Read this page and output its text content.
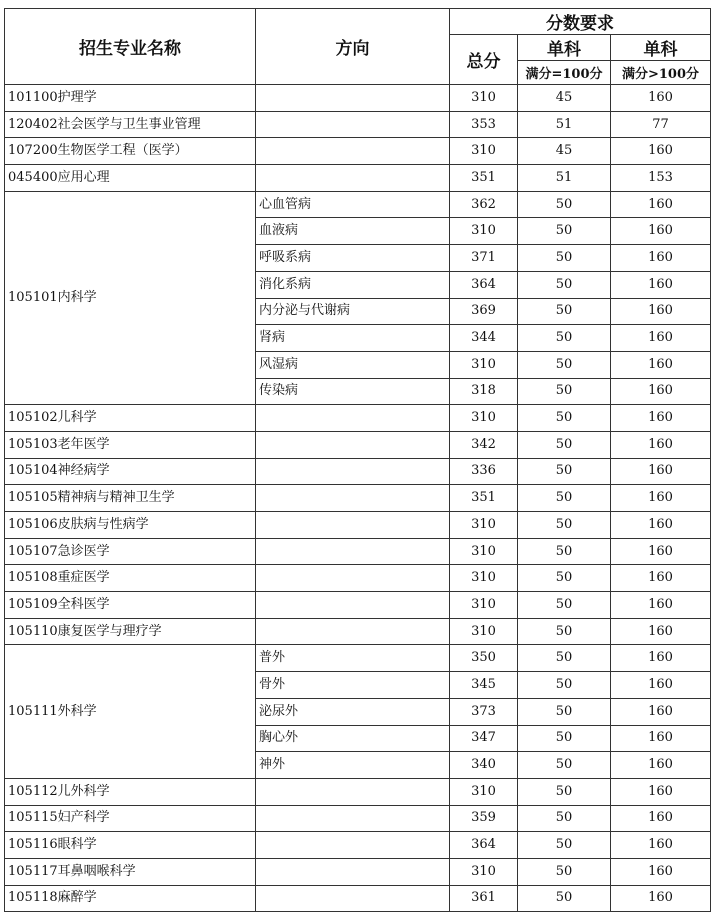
招生专业名称	方向	分数要求		
		总分	单科	单科
			满分=100分	满分>100分
101100护理学		310	45	160
120402社会医学与卫生事业管理		353	51	77
107200生物医学工程（医学）		310	45	160
045400应用心理		351	51	153
105101内科学	心血管病	362	50	160
	血液病	310	50	160
	呼吸系病	371	50	160
	消化系病	364	50	160
	内分泌与代谢病	369	50	160
	肾病	344	50	160
	风湿病	310	50	160
	传染病	318	50	160
105102儿科学		310	50	160
105103老年医学		342	50	160
105104神经病学		336	50	160
105105精神病与精神卫生学		351	50	160
105106皮肤病与性病学		310	50	160
105107急诊医学		310	50	160
105108重症医学		310	50	160
105109全科医学		310	50	160
105110康复医学与理疗学		310	50	160
105111外科学	普外	350	50	160
	骨外	345	50	160
	泌尿外	373	50	160
	胸心外	347	50	160
	神外	340	50	160
105112儿外科学		310	50	160
105115妇产科学		359	50	160
105116眼科学		364	50	160
105117耳鼻咽喉科学		310	50	160
105118麻醉学		361	50	160
